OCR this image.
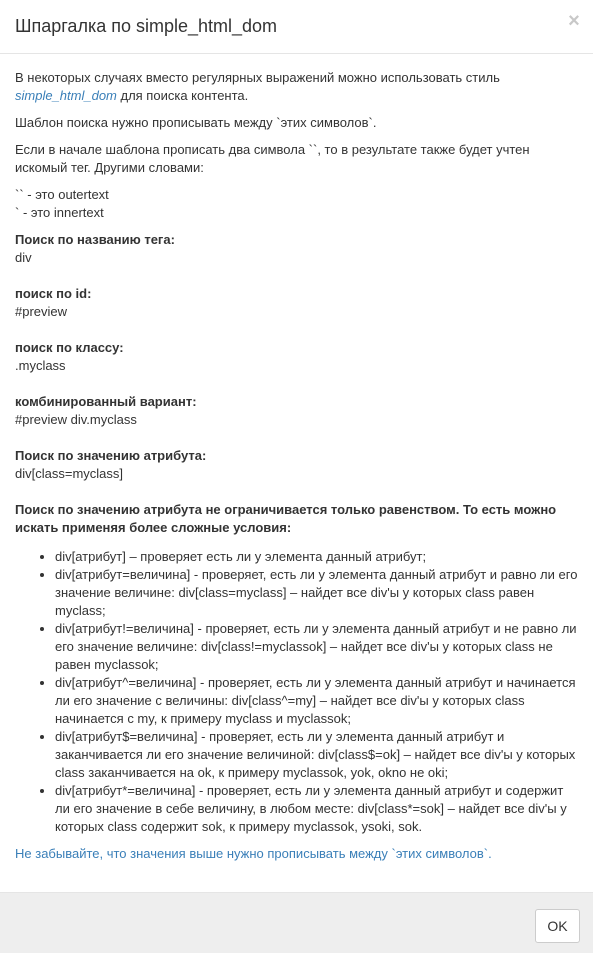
Шпаргалка по simple_html_dom	×

В некоторых случаях вместо регулярных выражений можно использовать стиль simple_html_dom для поиска контента.

Шаблон поиска нужно прописывать между `этих символов`.

Если в начале шаблона прописать два символа ``, то в результате также будет учтен искомый тег. Другими словами:

`` - это outertext
` - это innertext
Поиск по названию тега:
div
поиск по id:
#preview
поиск по классу:
.myclass
комбинированный вариант:
#preview div.myclass
Поиск по значению атрибута:
div[class=myclass]

Поиск по значению атрибута не ограничивается только равенством. То есть можно искать применяя более сложные условия:

• div[атрибут] – проверяет есть ли у элемента данный атрибут;
• div[атрибут=величина] - проверяет, есть ли у элемента данный атрибут и равно ли его значение величине: div[class=myclass] – найдет все div'ы у которых class равен myclass;
• div[атрибут!=величина] - проверяет, есть ли у элемента данный атрибут и не равно ли его значение величине: div[class!=myclassok] – найдет все div'ы у которых class не равен myclassok;
• div[атрибут^=величина] - проверяет, есть ли у элемента данный атрибут и начинается ли его значение с величины: div[class^=my] – найдет все div'ы у которых class начинается с my, к примеру myclass и myclassok;
• div[атрибут$=величина] - проверяет, есть ли у элемента данный атрибут и заканчивается ли его значение величиной: div[class$=ok] – найдет все div'ы у которых class заканчивается на ok, к примеру myclassok, yok, okno не oki;
• div[атрибут*=величина] - проверяет, есть ли у элемента данный атрибут и содержит ли его значение в себе величину, в любом месте: div[class*=sok] – найдет все div'ы у которых class содержит sok, к примеру myclassok, ysoki, sok.

Не забывайте, что значения выше нужно прописывать между `этих символов`.

OK
